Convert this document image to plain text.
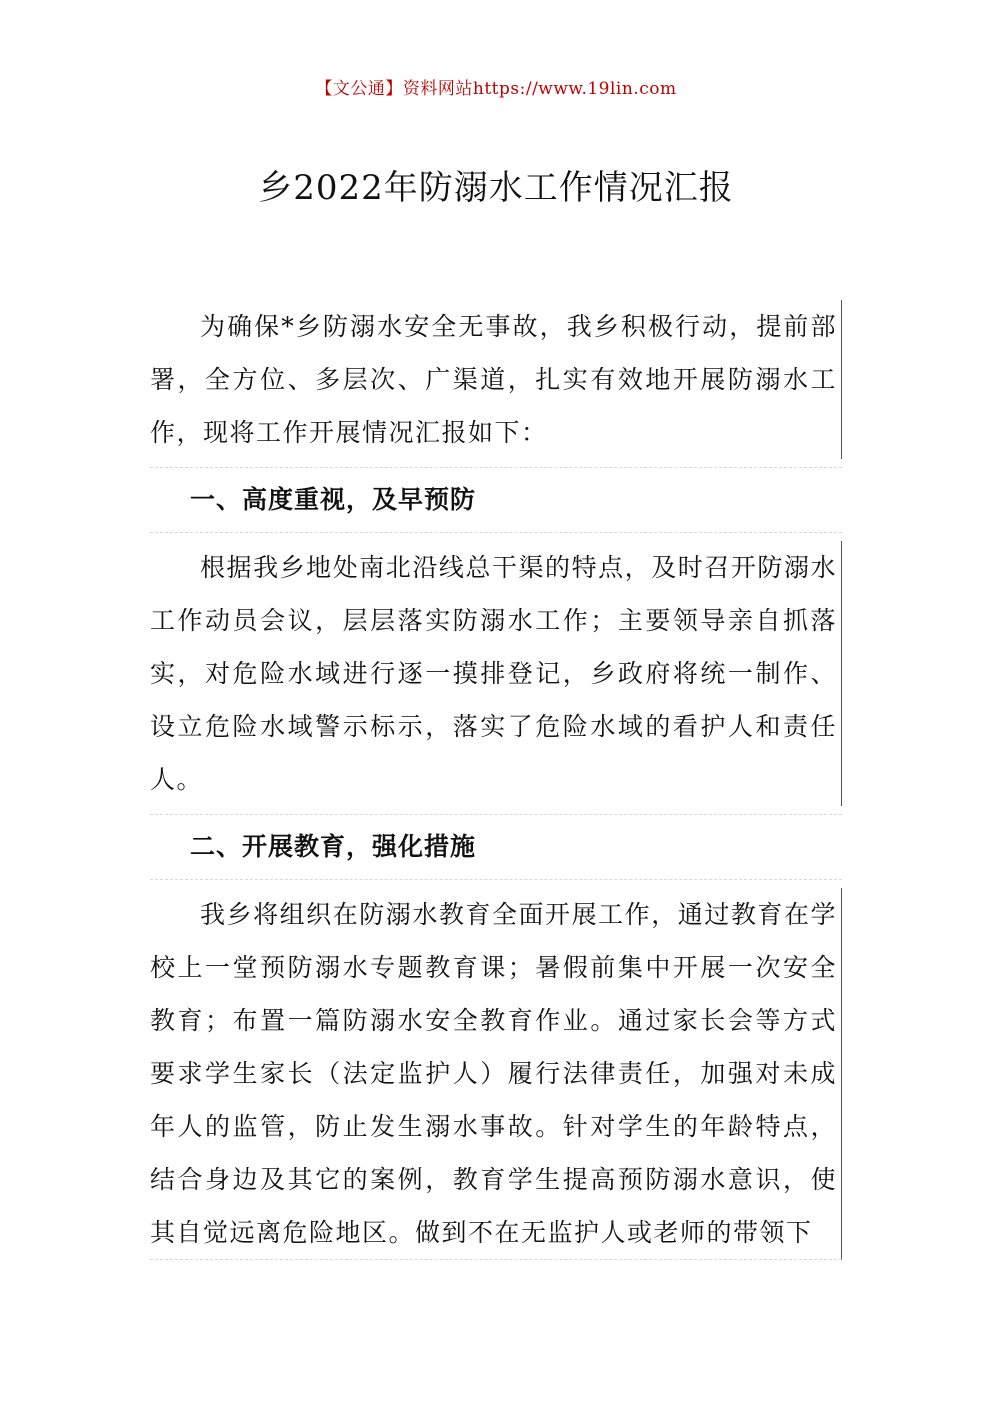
【文公通】资料网站https://www.19lin.com
乡2022年防溺水工作情况汇报

为确保*乡防溺水安全无事故，我乡积极行动，提前部署，全方位、多层次、广渠道，扎实有效地开展防溺水工作，现将工作开展情况汇报如下：

一、高度重视，及早预防

根据我乡地处南北沿线总干渠的特点，及时召开防溺水工作动员会议，层层落实防溺水工作；主要领导亲自抓落实，对危险水域进行逐一摸排登记，乡政府将统一制作、设立危险水域警示标示，落实了危险水域的看护人和责任人。

二、开展教育，强化措施

我乡将组织在防溺水教育全面开展工作，通过教育在学校上一堂预防溺水专题教育课；暑假前集中开展一次安全教育；布置一篇防溺水安全教育作业。通过家长会等方式要求学生家长（法定监护人）履行法律责任，加强对未成年人的监管，防止发生溺水事故。针对学生的年龄特点，结合身边及其它的案例，教育学生提高预防溺水意识，使其自觉远离危险地区。做到不在无监护人或老师的带领下
